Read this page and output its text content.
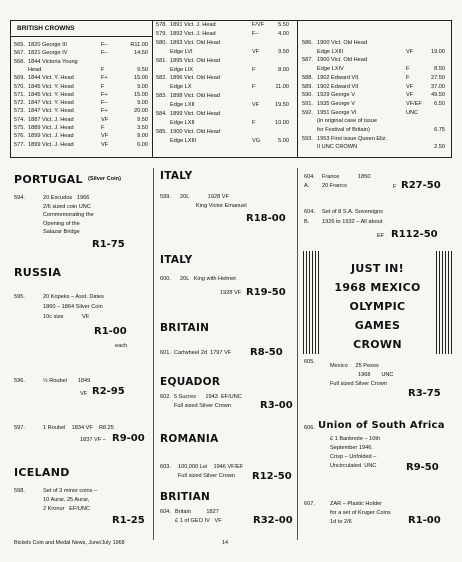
BRITISH CROWNS
565. 1820 George III	F–	R11.00
567. 1821 George IV	F–	14.50
568. 1844 Victoria Young
Head	F	9.50
569. 1844 Vict. Y. Head	F+	15.00
570. 1845 Vict. Y. Head	F	9.00
571. 1845 Vict. Y. Head	F+	15.00
572. 1847 Vict. Y. Head	F–	9.00
573. 1847 Vict. Y. Head	F+	20.00
574. 1887 Vict. J. Head	VF	9.50
575. 1889 Vict. J. Head	F	3.50
576. 1899 Vict. J. Head	VF	9.00
577. 1899 Vict. J. Head	VF	6.00
578. 1891 Vict. J. Head	F/VF 5.50
579. 1892 Vict. J. Head	F–	4.00
580. 1893 Vict. Old Head
Edge LVI	VF	9.50
581. 1895 Vict. Old Head
Edge LIX	F	8.00
582. 1896 Vict. Old Head
Edge LX	F	11.00
583. 1898 Vict. Old Head
Edge LXII	VF	19.50
584. 1899 Vict. Old Head
Edge LXII	F	10.00
585. 1900 Vict. Old Head
Edge LXIII	VG	5.00
586. 1900 Vict. Old Head
Edge LXIII	VF	19.00
587. 1900 Vict. Old Head
Edge LXIV	F	8.50
588. 1902 Edward VII	F	27.50
589. 1902 Edward VII	VF	37.00
590. 1929 George V	VF	49.50
591. 1935 George V	VF/EF 6.50
592. 1951 George VI	UNC
(in original case of issue
for Festival of Britain)	6.75
593. 1953 First issue Queen Eliz.
II UNC CROWN	2.50
PORTUGAL (Silver Coin)
594.	20 Escudos   1966
2/6 sized coin UNC
Commemorating the
Opening of the
Salazar Bridge
R1-75
RUSSIA
595.	20 Kopeks – Asst. Dates
1860 – 1864 Silver Coin
10c size            VF
R1-00
each
596.	½ Roubel       1849
VF R2-95
597.	1 Roubel    1834 VF    R8.25
1837 VF – R9-00
ICELAND
598.	Set of 3 minor coins –
10 Aurar, 25 Aurar,
2 Kronur   EF/UNC
R1-25
Bickels Coin and Medal News, June/July 1968	14
ITALY
599. 20L            1928 VF
King Victor Emanuel
R18-00
ITALY
600. 20L   King with Helmet
1928 VF R19-50
BRITAIN
601. Cartwheel 2d  1797 VF R8-50
EQUADOR
602. 5 Sucres      1943  EF/UNC
Full sized Silver Crown	R3-00
ROMANIA
603. 100,000 Lei    1946 VF/EF
Full sized Silver Crown R12-50
BRITIAN
604. Britain          1827
£ 1 of GEO IV   VF	R32-00
604. France            1850
A. 20 Francs	F R27-50
604. Set of 8 S.A. Sovereigns
B. 1926 to 1932 – All about
EF R112-50
JUST IN!
1968 MEXICO
OLYMPIC
GAMES
CROWN
605.
Mexico     25 Pesos
1968       UNC
Full sized Silver Crown
R3-75
606. Union of South Africa
£ 1 Banknote – 10th
September 1946.
Crisp – Unfolded –
Uncirculated  UNC	R9-50
607.	ZAR – Plastic Holder
for a set of Kruger Coins
1d to 2/6	R1-00
